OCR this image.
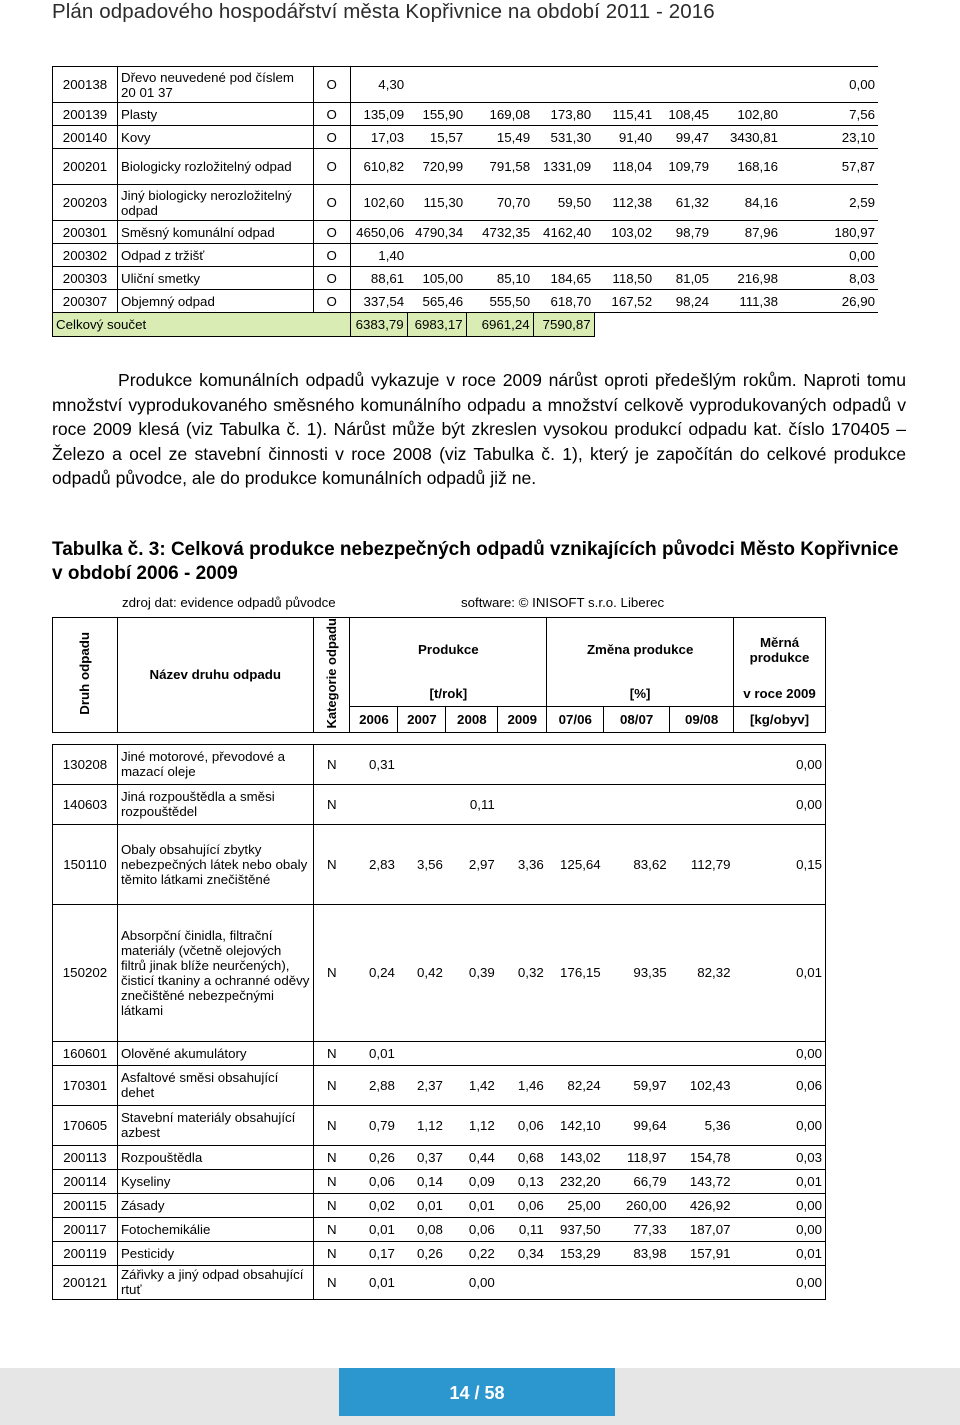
Plán odpadového hospodářství města Kopřivnice na období 2011 - 2016
200138	Dřevo neuvedené pod číslem 20 01 37	O	4,30							0,00
200139	Plasty	O	135,09	155,90	169,08	173,80	115,41	108,45	102,80	7,56
200140	Kovy	O	17,03	15,57	15,49	531,30	91,40	99,47	3430,81	23,10
200201	Biologicky rozložitelný odpad	O	610,82	720,99	791,58	1331,09	118,04	109,79	168,16	57,87
200203	Jiný biologicky nerozložitelný odpad	O	102,60	115,30	70,70	59,50	112,38	61,32	84,16	2,59
200301	Směsný komunální odpad	O	4650,06	4790,34	4732,35	4162,40	103,02	98,79	87,96	180,97
200302	Odpad z tržišť	O	1,40							0,00
200303	Uliční smetky	O	88,61	105,00	85,10	184,65	118,50	81,05	216,98	8,03
200307	Objemný odpad	O	337,54	565,46	555,50	618,70	167,52	98,24	111,38	26,90
Celkový součet			6383,79	6983,17	6961,24	7590,87				

Produkce komunálních odpadů vykazuje v roce 2009 nárůst oproti předešlým rokům. Naproti tomu množství vyprodukovaného směsného komunálního odpadu a množství celkově vyprodukovaných odpadů v roce 2009 klesá (viz Tabulka č. 1). Nárůst může být zkreslen vysokou produkcí odpadu kat. číslo 170405 – Železo a ocel ze stavební činnosti v roce 2008 (viz Tabulka č. 1), který je započítán do celkové produkce odpadů původce, ale do produkce komunálních odpadů již ne.

Tabulka č. 3: Celková produkce nebezpečných odpadů vznikajících původci Město Kopřivnice v období 2006 - 2009
zdroj dat: evidence odpadů původce	software: © INISOFT s.r.o. Liberec
Druh odpadu	Název druhu odpadu	Kategorie odpadu	Produkce				Změna produkce			Měrná produkce
			[t/rok]				[%]			v roce 2009
			2006	2007	2008	2009	07/06	08/07	09/08	[kg/obyv]

130208	Jiné motorové, převodové a mazací oleje	N	0,31							0,00
140603	Jiná rozpouštědla a směsi rozpouštědel	N			0,11					0,00
150110	Obaly obsahující zbytky nebezpečných látek nebo obaly těmito látkami znečištěné	N	2,83	3,56	2,97	3,36	125,64	83,62	112,79	0,15
150202	Absorpční činidla, filtrační materiály (včetně olejových filtrů jinak blíže neurčených), čisticí tkaniny a ochranné oděvy znečištěné nebezpečnými látkami	N	0,24	0,42	0,39	0,32	176,15	93,35	82,32	0,01
160601	Olověné akumulátory	N	0,01							0,00
170301	Asfaltové směsi obsahující dehet	N	2,88	2,37	1,42	1,46	82,24	59,97	102,43	0,06
170605	Stavební materiály obsahující azbest	N	0,79	1,12	1,12	0,06	142,10	99,64	5,36	0,00
200113	Rozpouštědla	N	0,26	0,37	0,44	0,68	143,02	118,97	154,78	0,03
200114	Kyseliny	N	0,06	0,14	0,09	0,13	232,20	66,79	143,72	0,01
200115	Zásady	N	0,02	0,01	0,01	0,06	25,00	260,00	426,92	0,00
200117	Fotochemikálie	N	0,01	0,08	0,06	0,11	937,50	77,33	187,07	0,00
200119	Pesticidy	N	0,17	0,26	0,22	0,34	153,29	83,98	157,91	0,01
200121	Zářivky a jiný odpad obsahující rtuť	N	0,01		0,00					0,00
14 / 58
